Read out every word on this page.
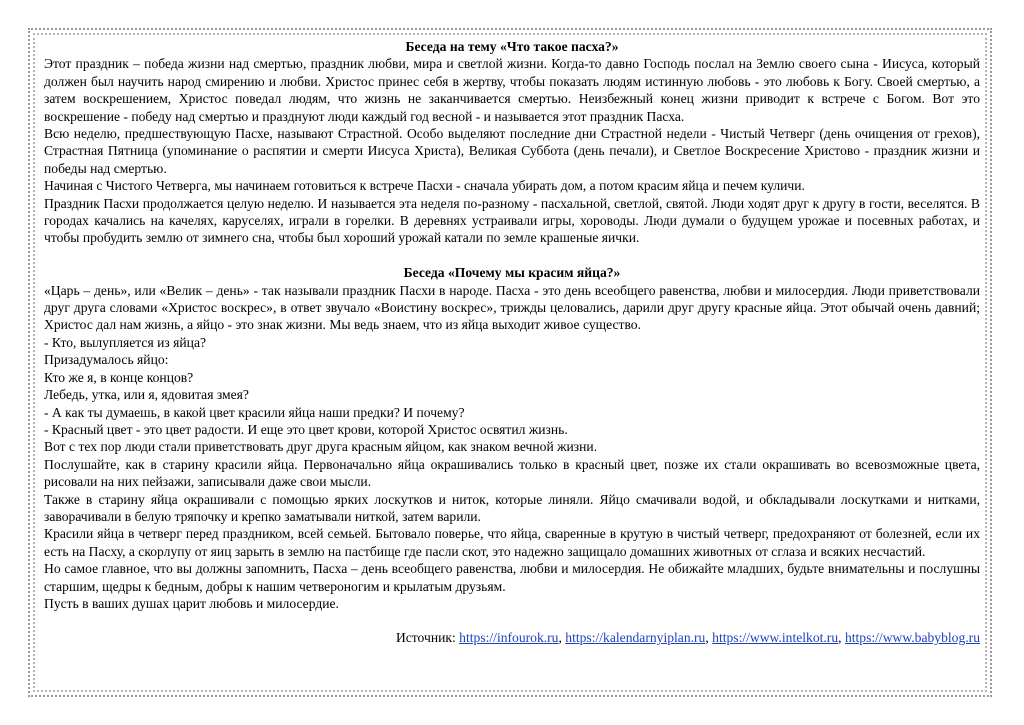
Беседа на тему «Что такое пасха?»

Этот праздник – победа жизни над смертью, праздник любви, мира и светлой жизни. Когда-то давно Господь послал на Землю своего сына - Иисуса, который должен был научить народ смирению и любви. Христос принес себя в жертву, чтобы показать людям истинную любовь - это любовь к Богу. Своей смертью, а затем воскрешением, Христос поведал людям, что жизнь не заканчивается смертью. Неизбежный конец жизни приводит к встрече с Богом. Вот это воскрешение - победу над смертью и празднуют люди каждый год весной - и называется этот праздник Пасха.

Всю неделю, предшествующую Пасхе, называют Страстной. Особо выделяют последние дни Страстной недели - Чистый Четверг (день очищения от грехов), Страстная Пятница (упоминание о распятии и смерти Иисуса Христа), Великая Суббота (день печали), и Светлое Воскресение Христово - праздник жизни и победы над смертью.

Начиная с Чистого Четверга, мы начинаем готовиться к встрече Пасхи - сначала убирать дом, а потом красим яйца и печем куличи.

Праздник Пасхи продолжается целую неделю. И называется эта неделя по-разному - пасхальной, светлой, святой. Люди ходят друг к другу в гости, веселятся. В городах качались на качелях, каруселях, играли в горелки. В деревнях устраивали игры, хороводы. Люди думали о будущем урожае и посевных работах, и чтобы пробудить землю от зимнего сна, чтобы был хороший урожай катали по земле крашеные яички.

Беседа «Почему мы красим яйца?»

«Царь – день», или «Велик – день» - так называли праздник Пасхи в народе. Пасха - это день всеобщего равенства, любви и милосердия. Люди приветствовали друг друга словами «Христос воскрес», в ответ звучало «Воистину воскрес», трижды целовались, дарили друг другу красные яйца. Этот обычай очень давний; Христос дал нам жизнь, а яйцо - это знак жизни. Мы ведь знаем, что из яйца выходит живое существо.

- Кто, вылупляется из яйца?

Призадумалось яйцо:

Кто же я, в конце концов?

Лебедь, утка, или я, ядовитая змея?

- А как ты думаешь, в какой цвет красили яйца наши предки? И почему?

- Красный цвет - это цвет радости. И еще это цвет крови, которой Христос освятил жизнь.

Вот с тех пор люди стали приветствовать друг друга красным яйцом, как знаком вечной жизни.

Послушайте, как в старину красили яйца. Первоначально яйца окрашивались только в красный цвет, позже их стали окрашивать во всевозможные цвета, рисовали на них пейзажи, записывали даже свои мысли.

Также в старину яйца окрашивали с помощью ярких лоскутков и ниток, которые линяли. Яйцо смачивали водой, и обкладывали лоскутками и нитками, заворачивали в белую тряпочку и крепко заматывали ниткой, затем варили.

Красили яйца в четверг перед праздником, всей семьей. Бытовало поверье, что яйца, сваренные в крутую в чистый четверг, предохраняют от болезней, если их есть на Пасху, а скорлупу от яиц зарыть в землю на пастбище где пасли скот, это надежно защищало домашних животных от сглаза и всяких несчастий.

Но самое главное, что вы должны запомнить, Пасха – день всеобщего равенства, любви и милосердия. Не обижайте младших, будьте внимательны и послушны старшим, щедры к бедным, добры к нашим четвероногим и крылатым друзьям.

Пусть в ваших душах царит любовь и милосердие.

Источник: https://infourok.ru, https://kalendarnyiplan.ru, https://www.intelkot.ru, https://www.babyblog.ru
